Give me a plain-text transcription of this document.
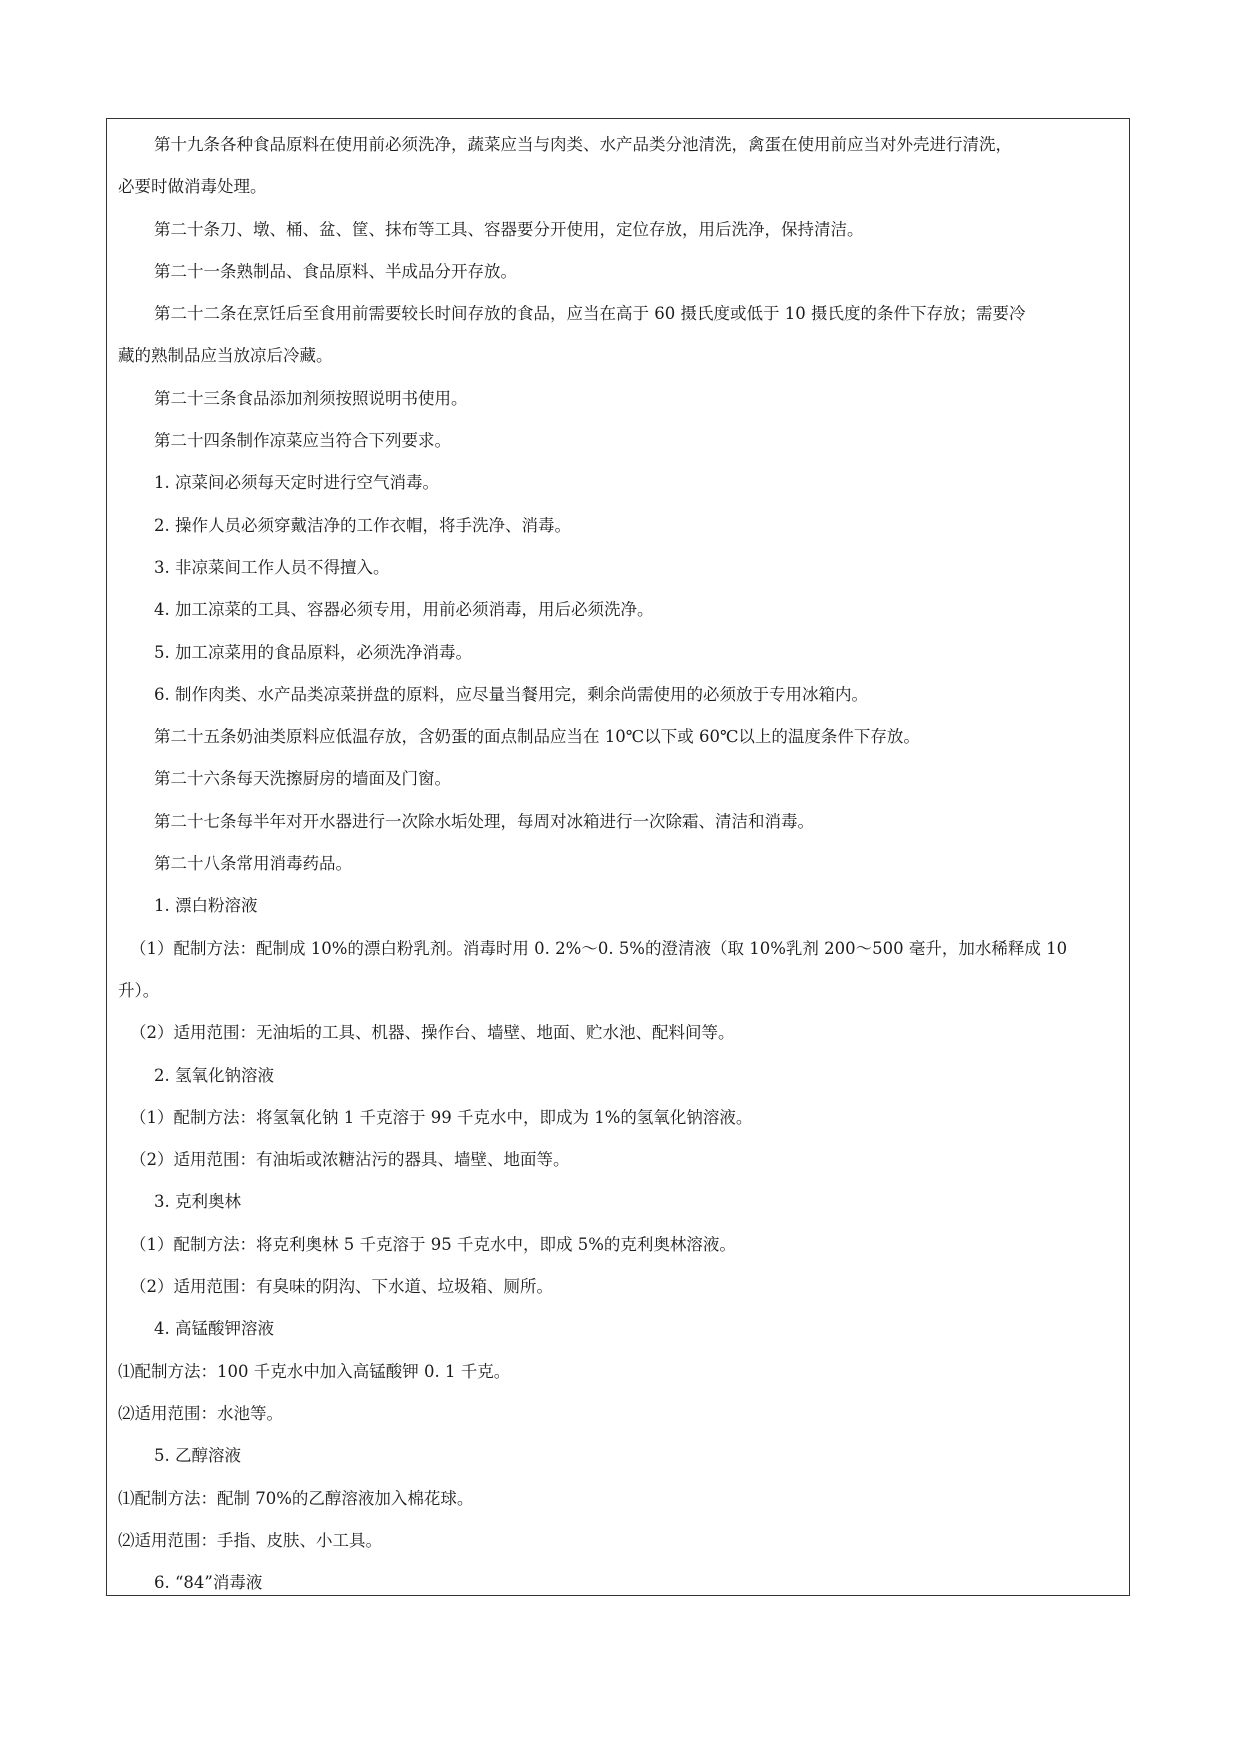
第十九条各种食品原料在使用前必须洗净，蔬菜应当与肉类、水产品类分池清洗，禽蛋在使用前应当对外壳进行清洗，
必要时做消毒处理。
第二十条刀、墩、桶、盆、筐、抹布等工具、容器要分开使用，定位存放，用后洗净，保持清洁。
第二十一条熟制品、食品原料、半成品分开存放。
第二十二条在烹饪后至食用前需要较长时间存放的食品，应当在高于 60 摄氏度或低于 10 摄氏度的条件下存放；需要冷
藏的熟制品应当放凉后冷藏。
第二十三条食品添加剂须按照说明书使用。
第二十四条制作凉菜应当符合下列要求。
1. 凉菜间必须每天定时进行空气消毒。
2. 操作人员必须穿戴洁净的工作衣帽，将手洗净、消毒。
3. 非凉菜间工作人员不得擅入。
4. 加工凉菜的工具、容器必须专用，用前必须消毒，用后必须洗净。
5. 加工凉菜用的食品原料，必须洗净消毒。
6. 制作肉类、水产品类凉菜拼盘的原料，应尽量当餐用完，剩余尚需使用的必须放于专用冰箱内。
第二十五条奶油类原料应低温存放，含奶蛋的面点制品应当在 10℃以下或 60℃以上的温度条件下存放。
第二十六条每天洗擦厨房的墙面及门窗。
第二十七条每半年对开水器进行一次除水垢处理，每周对冰箱进行一次除霜、清洁和消毒。
第二十八条常用消毒药品。
1. 漂白粉溶液
（1）配制方法：配制成 10%的漂白粉乳剂。消毒时用 0. 2%～0. 5%的澄清液（取 10%乳剂 200～500 毫升，加水稀释成 10
升）。
（2）适用范围：无油垢的工具、机器、操作台、墙壁、地面、贮水池、配料间等。
2. 氢氧化钠溶液
（1）配制方法：将氢氧化钠 1 千克溶于 99 千克水中，即成为 1%的氢氧化钠溶液。
（2）适用范围：有油垢或浓糖沾污的器具、墙壁、地面等。
3. 克利奥林
（1）配制方法：将克利奥林 5 千克溶于 95 千克水中，即成 5%的克利奥林溶液。
（2）适用范围：有臭味的阴沟、下水道、垃圾箱、厕所。
4. 高锰酸钾溶液
⑴配制方法：100 千克水中加入高锰酸钾 0. 1 千克。
⑵适用范围：水池等。
5. 乙醇溶液
⑴配制方法：配制 70%的乙醇溶液加入棉花球。
⑵适用范围：手指、皮肤、小工具。
6. “84”消毒液
